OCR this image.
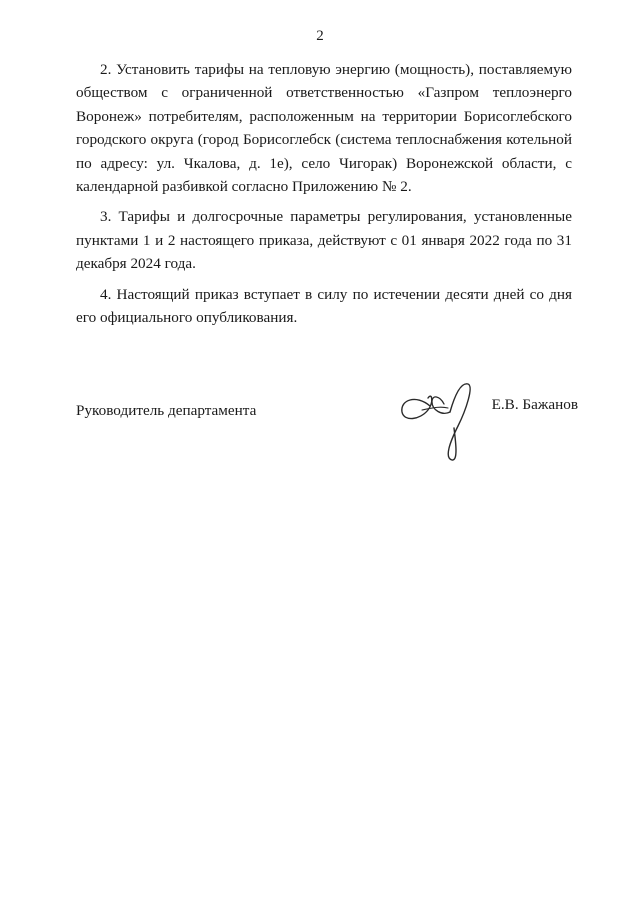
2

2. Установить тарифы на тепловую энергию (мощность), поставляемую обществом с ограниченной ответственностью «Газпром теплоэнерго Воронеж» потребителям, расположенным на территории Борисоглебского городского округа (город Борисоглебск (система теплоснабжения котельной по адресу: ул. Чкалова, д. 1е), село Чигорак) Воронежской области, с календарной разбивкой согласно Приложению № 2.

3. Тарифы и долгосрочные параметры регулирования, установленные пунктами 1 и 2 настоящего приказа, действуют с 01 января 2022 года по 31 декабря 2024 года.

4. Настоящий приказ вступает в силу по истечении десяти дней со дня его официального опубликования.

Руководитель департамента	Е.В. Бажанов
